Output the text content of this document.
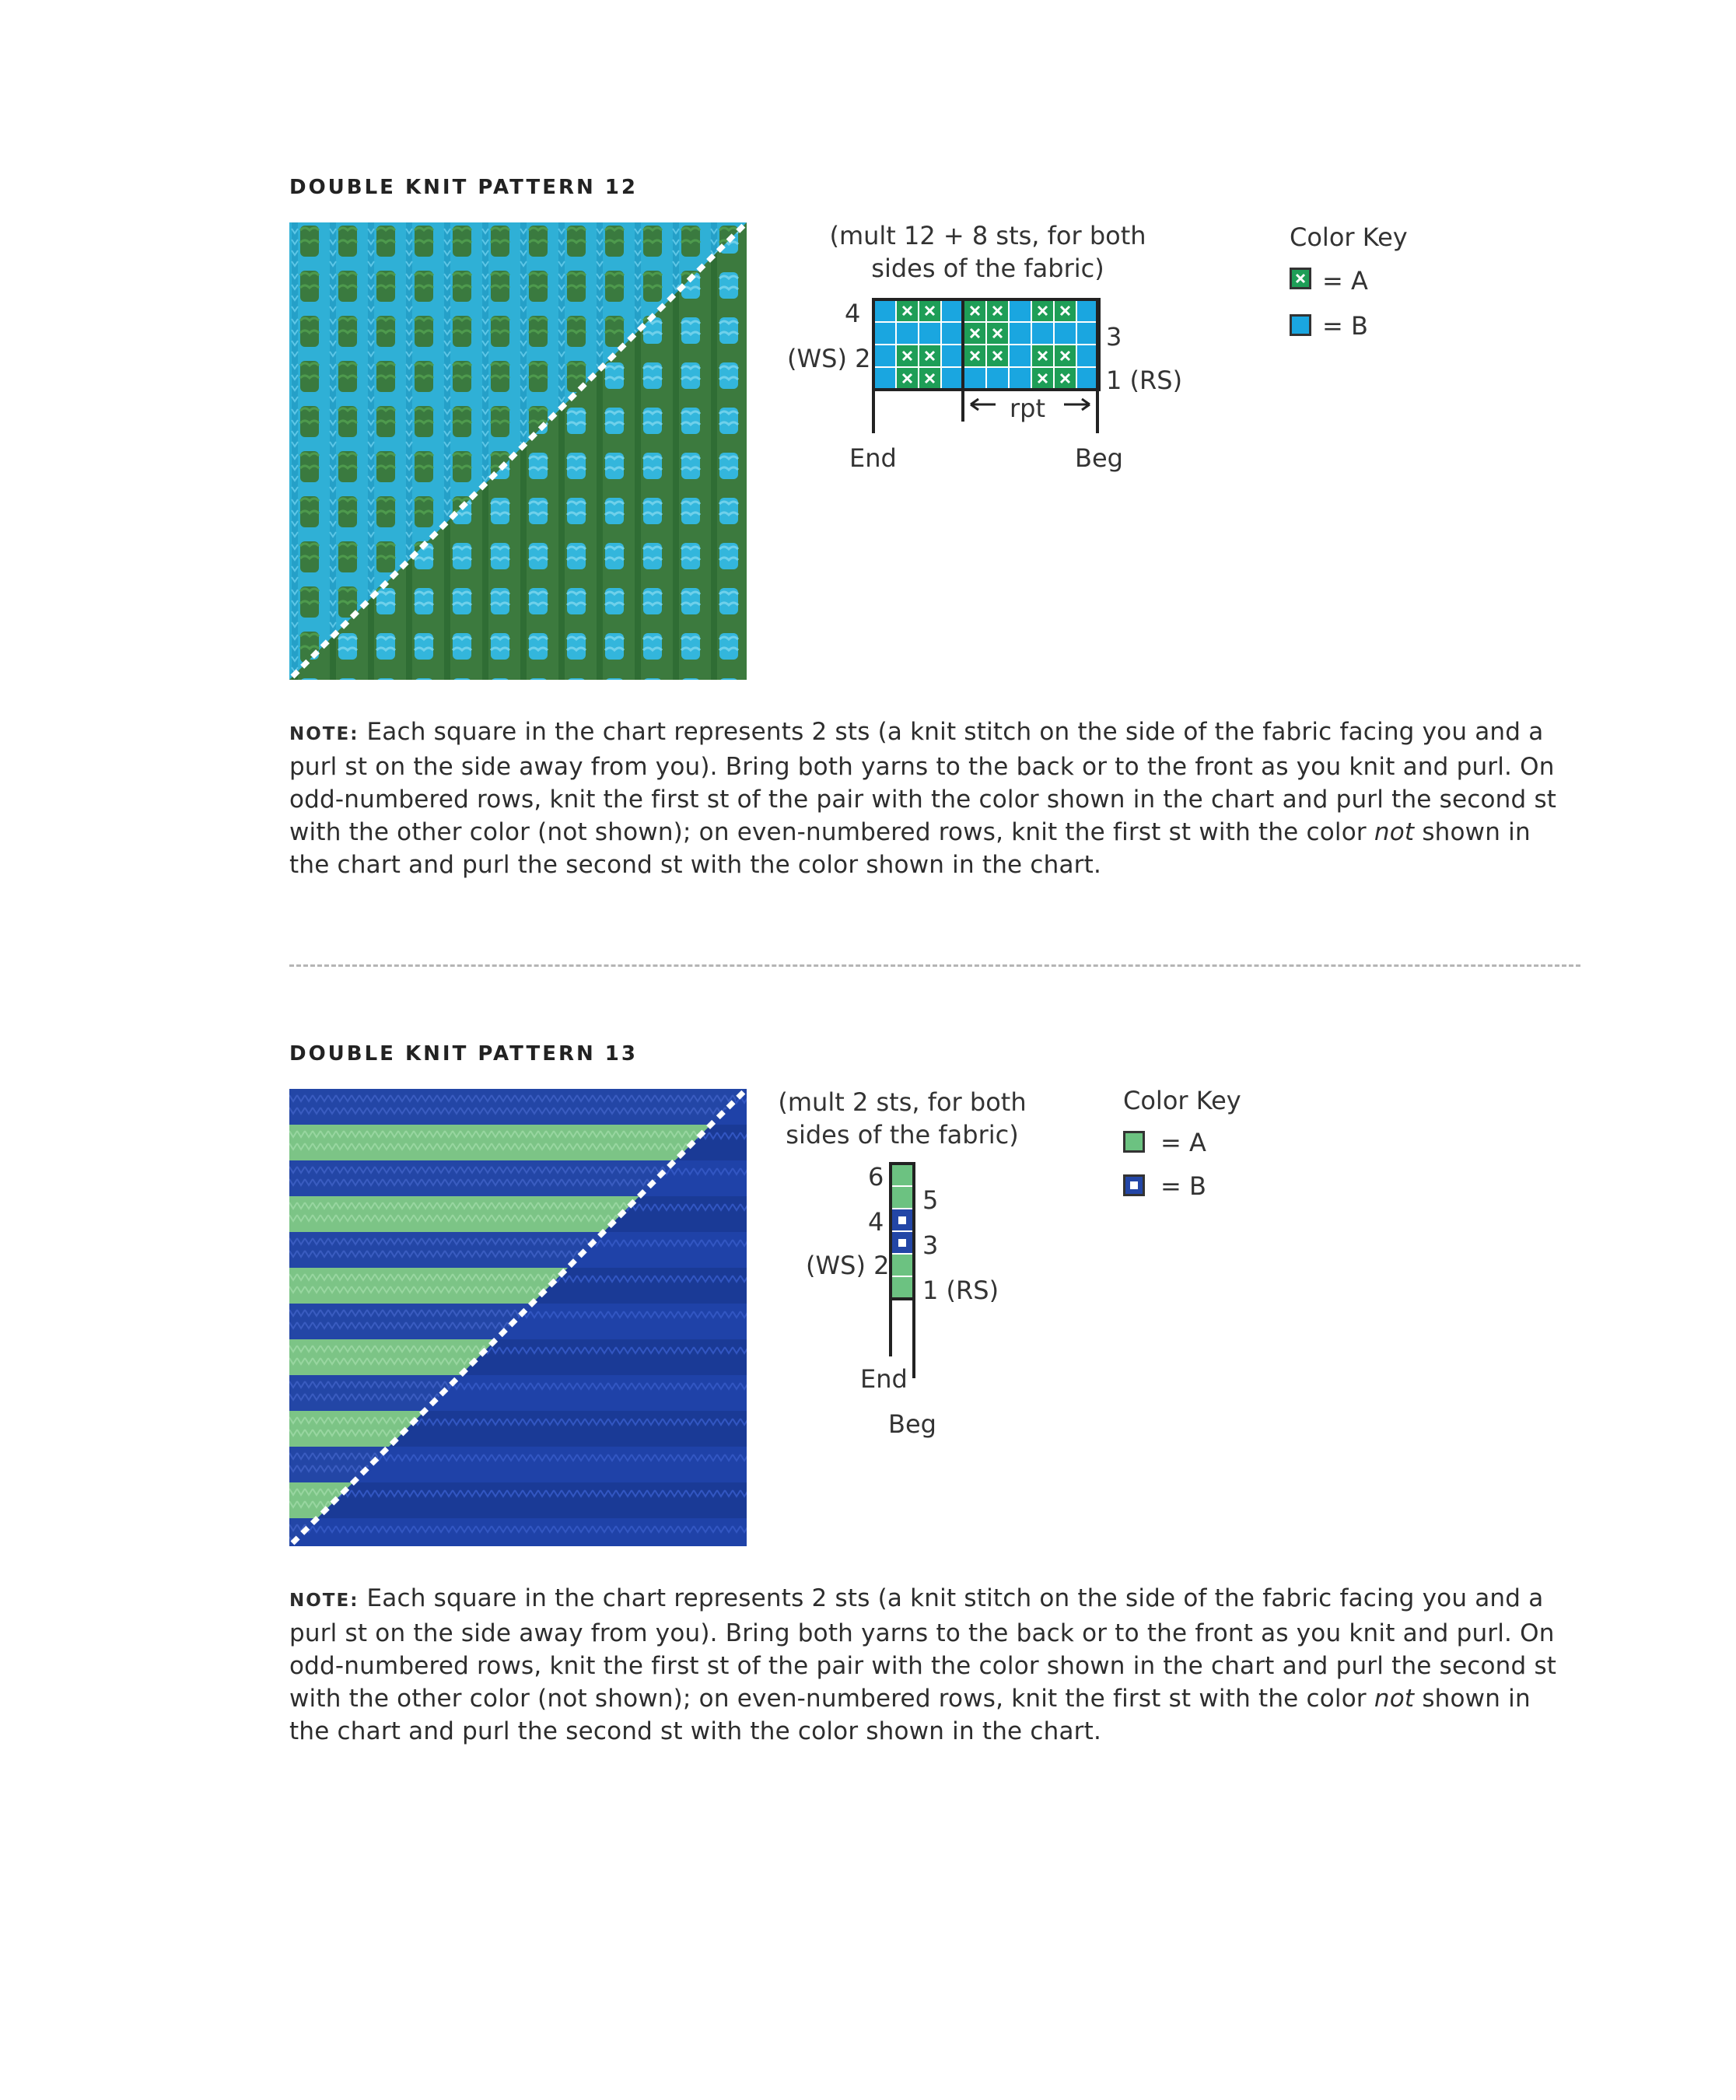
DOUBLE KNIT PATTERN 12
(mult 12 + 8 sts, for both
sides of the fabric)
rpt
4
(WS) 2
3
1 (RS)
End	Beg
Color Key
= A
= B
NOTE: Each square in the chart represents 2 sts (a knit stitch on the side of the fabric facing you and a purl st on the side away from you). Bring both yarns to the back or to the front as you knit and purl. On odd-numbered rows, knit the first st of the pair with the color shown in the chart and purl the second st with the other color (not shown); on even-numbered rows, knit the first st with the color not shown in the chart and purl the second st with the color shown in the chart.
DOUBLE KNIT PATTERN 13
(mult 2 sts, for both
sides of the fabric)
6
4
(WS) 2
5
3
1 (RS)
End
Beg
Color Key
= A
= B
NOTE: Each square in the chart represents 2 sts (a knit stitch on the side of the fabric facing you and a purl st on the side away from you). Bring both yarns to the back or to the front as you knit and purl. On odd-numbered rows, knit the first st of the pair with the color shown in the chart and purl the second st with the other color (not shown); on even-numbered rows, knit the first st with the color not shown in the chart and purl the second st with the color shown in the chart.
